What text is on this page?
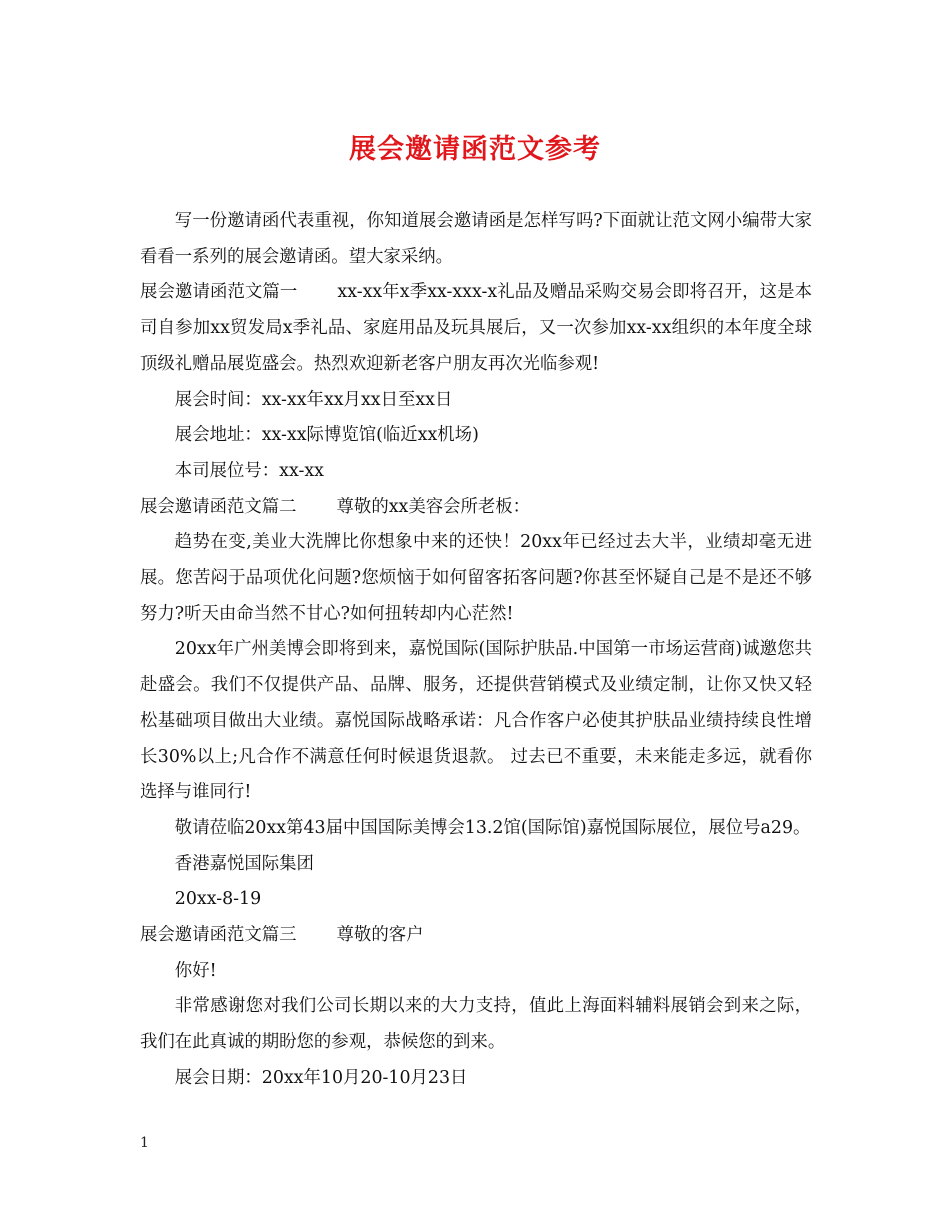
展会邀请函范文参考

写一份邀请函代表重视，你知道展会邀请函是怎样写吗?下面就让范文网小编带大家看看一系列的展会邀请函。望大家采纳。

展会邀请函范文篇一 xx-xx年x季xx-xxx-x礼品及赠品采购交易会即将召开，这是本司自参加xx贸发局x季礼品、家庭用品及玩具展后，又一次参加xx-xx组织的本年度全球顶级礼赠品展览盛会。热烈欢迎新老客户朋友再次光临参观!

展会时间：xx-xx年xx月xx日至xx日

展会地址：xx-xx际博览馆(临近xx机场)

本司展位号：xx-xx

展会邀请函范文篇二 尊敬的xx美容会所老板：

趋势在变,美业大洗牌比你想象中来的还快！20xx年已经过去大半，业绩却毫无进展。您苦闷于品项优化问题?您烦恼于如何留客拓客问题?你甚至怀疑自己是不是还不够努力?听天由命当然不甘心?如何扭转却内心茫然!

20xx年广州美博会即将到来，嘉悦国际(国际护肤品.中国第一市场运营商)诚邀您共赴盛会。我们不仅提供产品、品牌、服务，还提供营销模式及业绩定制，让你又快又轻松基础项目做出大业绩。嘉悦国际战略承诺：凡合作客户必使其护肤品业绩持续良性增长30%以上;凡合作不满意任何时候退货退款。 过去已不重要，未来能走多远，就看你选择与谁同行!

敬请莅临20xx第43届中国国际美博会13.2馆(国际馆)嘉悦国际展位，展位号a29。

香港嘉悦国际集团

20xx-8-19

展会邀请函范文篇三 尊敬的客户

你好!

非常感谢您对我们公司长期以来的大力支持，值此上海面料辅料展销会到来之际，我们在此真诚的期盼您的参观，恭候您的到来。

展会日期：20xx年10月20-10月23日

1
